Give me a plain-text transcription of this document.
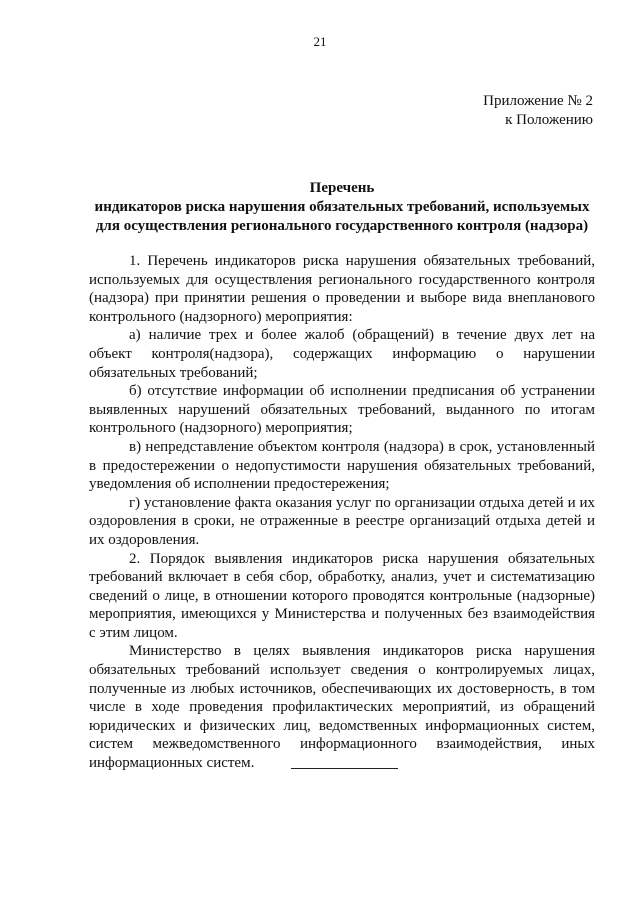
21
Приложение № 2
к Положению
Перечень
индикаторов риска нарушения обязательных требований, используемых
для осуществления регионального государственного контроля (надзора)

1. Перечень индикаторов риска нарушения обязательных требований, используемых для осуществления регионального государственного контроля (надзора) при принятии решения о проведении и выборе вида внепланового контрольного (надзорного) мероприятия:

а) наличие трех и более жалоб (обращений) в течение двух лет на объект контроля(надзора), содержащих информацию о нарушении обязательных требований;

б) отсутствие информации об исполнении предписания об устранении выявленных нарушений обязательных требований, выданного по итогам контрольного (надзорного) мероприятия;

в) непредставление объектом контроля (надзора) в срок, установленный в предостережении о недопустимости нарушения обязательных требований, уведомления об исполнении предостережения;

г) установление факта оказания услуг по организации отдыха детей и их оздоровления в сроки, не отраженные в реестре организаций отдыха детей и их оздоровления.

2. Порядок выявления индикаторов риска нарушения обязательных требований включает в себя сбор, обработку, анализ, учет и систематизацию сведений о лице, в отношении которого проводятся контрольные (надзорные) мероприятия, имеющихся у Министерства и полученных без взаимодействия с этим лицом.

Министерство в целях выявления индикаторов риска нарушения обязательных требований использует сведения о контролируемых лицах, полученные из любых источников, обеспечивающих их достоверность, в том числе в ходе проведения профилактических мероприятий, из обращений юридических и физических лиц, ведомственных информационных систем, систем межведомственного информационного взаимодействия, иных информационных систем.
